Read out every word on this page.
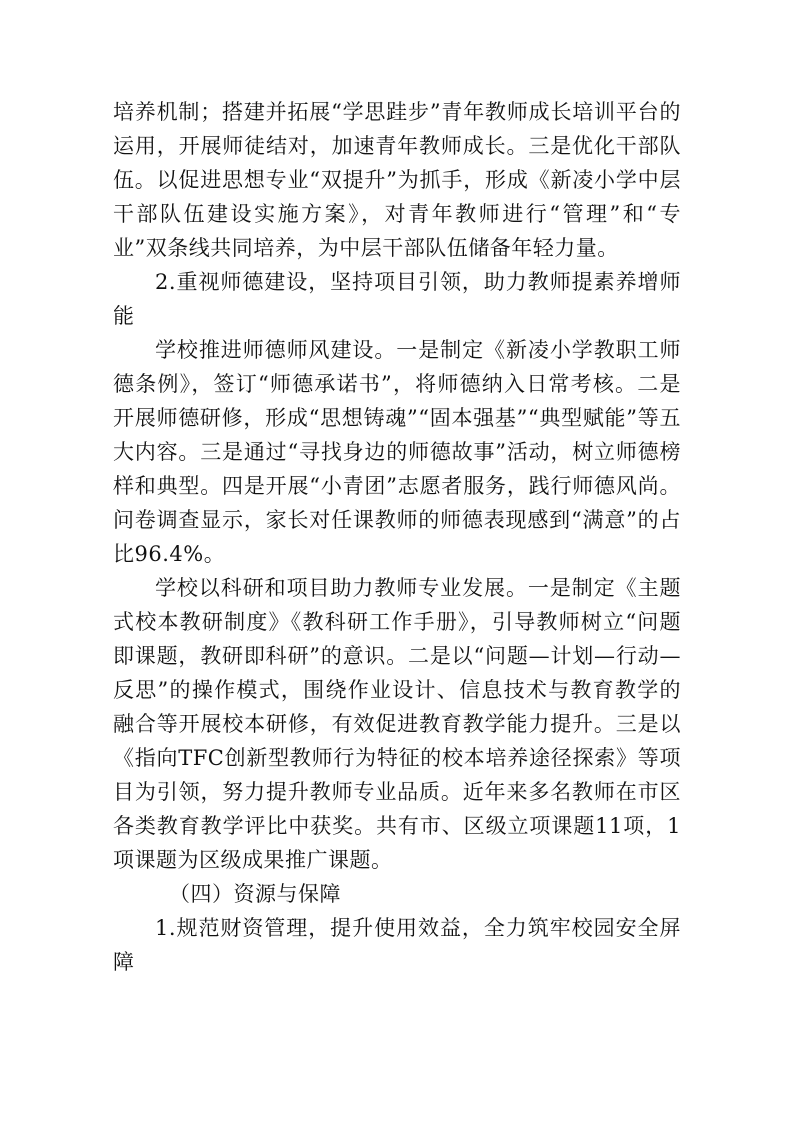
培养机制；搭建并拓展“学思跬步”青年教师成长培训平台的运用，开展师徒结对，加速青年教师成长。三是优化干部队伍。以促进思想专业“双提升”为抓手，形成《新凌小学中层干部队伍建设实施方案》，对青年教师进行“管理”和“专业”双条线共同培养，为中层干部队伍储备年轻力量。

2.重视师德建设，坚持项目引领，助力教师提素养增师能

学校推进师德师风建设。一是制定《新凌小学教职工师德条例》，签订“师德承诺书”，将师德纳入日常考核。二是开展师德研修，形成“思想铸魂”“固本强基”“典型赋能”等五大内容。三是通过“寻找身边的师德故事”活动，树立师德榜样和典型。四是开展“小青团”志愿者服务，践行师德风尚。问卷调查显示，家长对任课教师的师德表现感到“满意”的占比96.4%。

学校以科研和项目助力教师专业发展。一是制定《主题式校本教研制度》《教科研工作手册》，引导教师树立“问题即课题，教研即科研”的意识。二是以“问题—计划—行动—反思”的操作模式，围绕作业设计、信息技术与教育教学的融合等开展校本研修，有效促进教育教学能力提升。三是以《指向TFC创新型教师行为特征的校本培养途径探索》等项目为引领，努力提升教师专业品质。近年来多名教师在市区各类教育教学评比中获奖。共有市、区级立项课题11项，1项课题为区级成果推广课题。

（四）资源与保障

1.规范财资管理，提升使用效益，全力筑牢校园安全屏障
